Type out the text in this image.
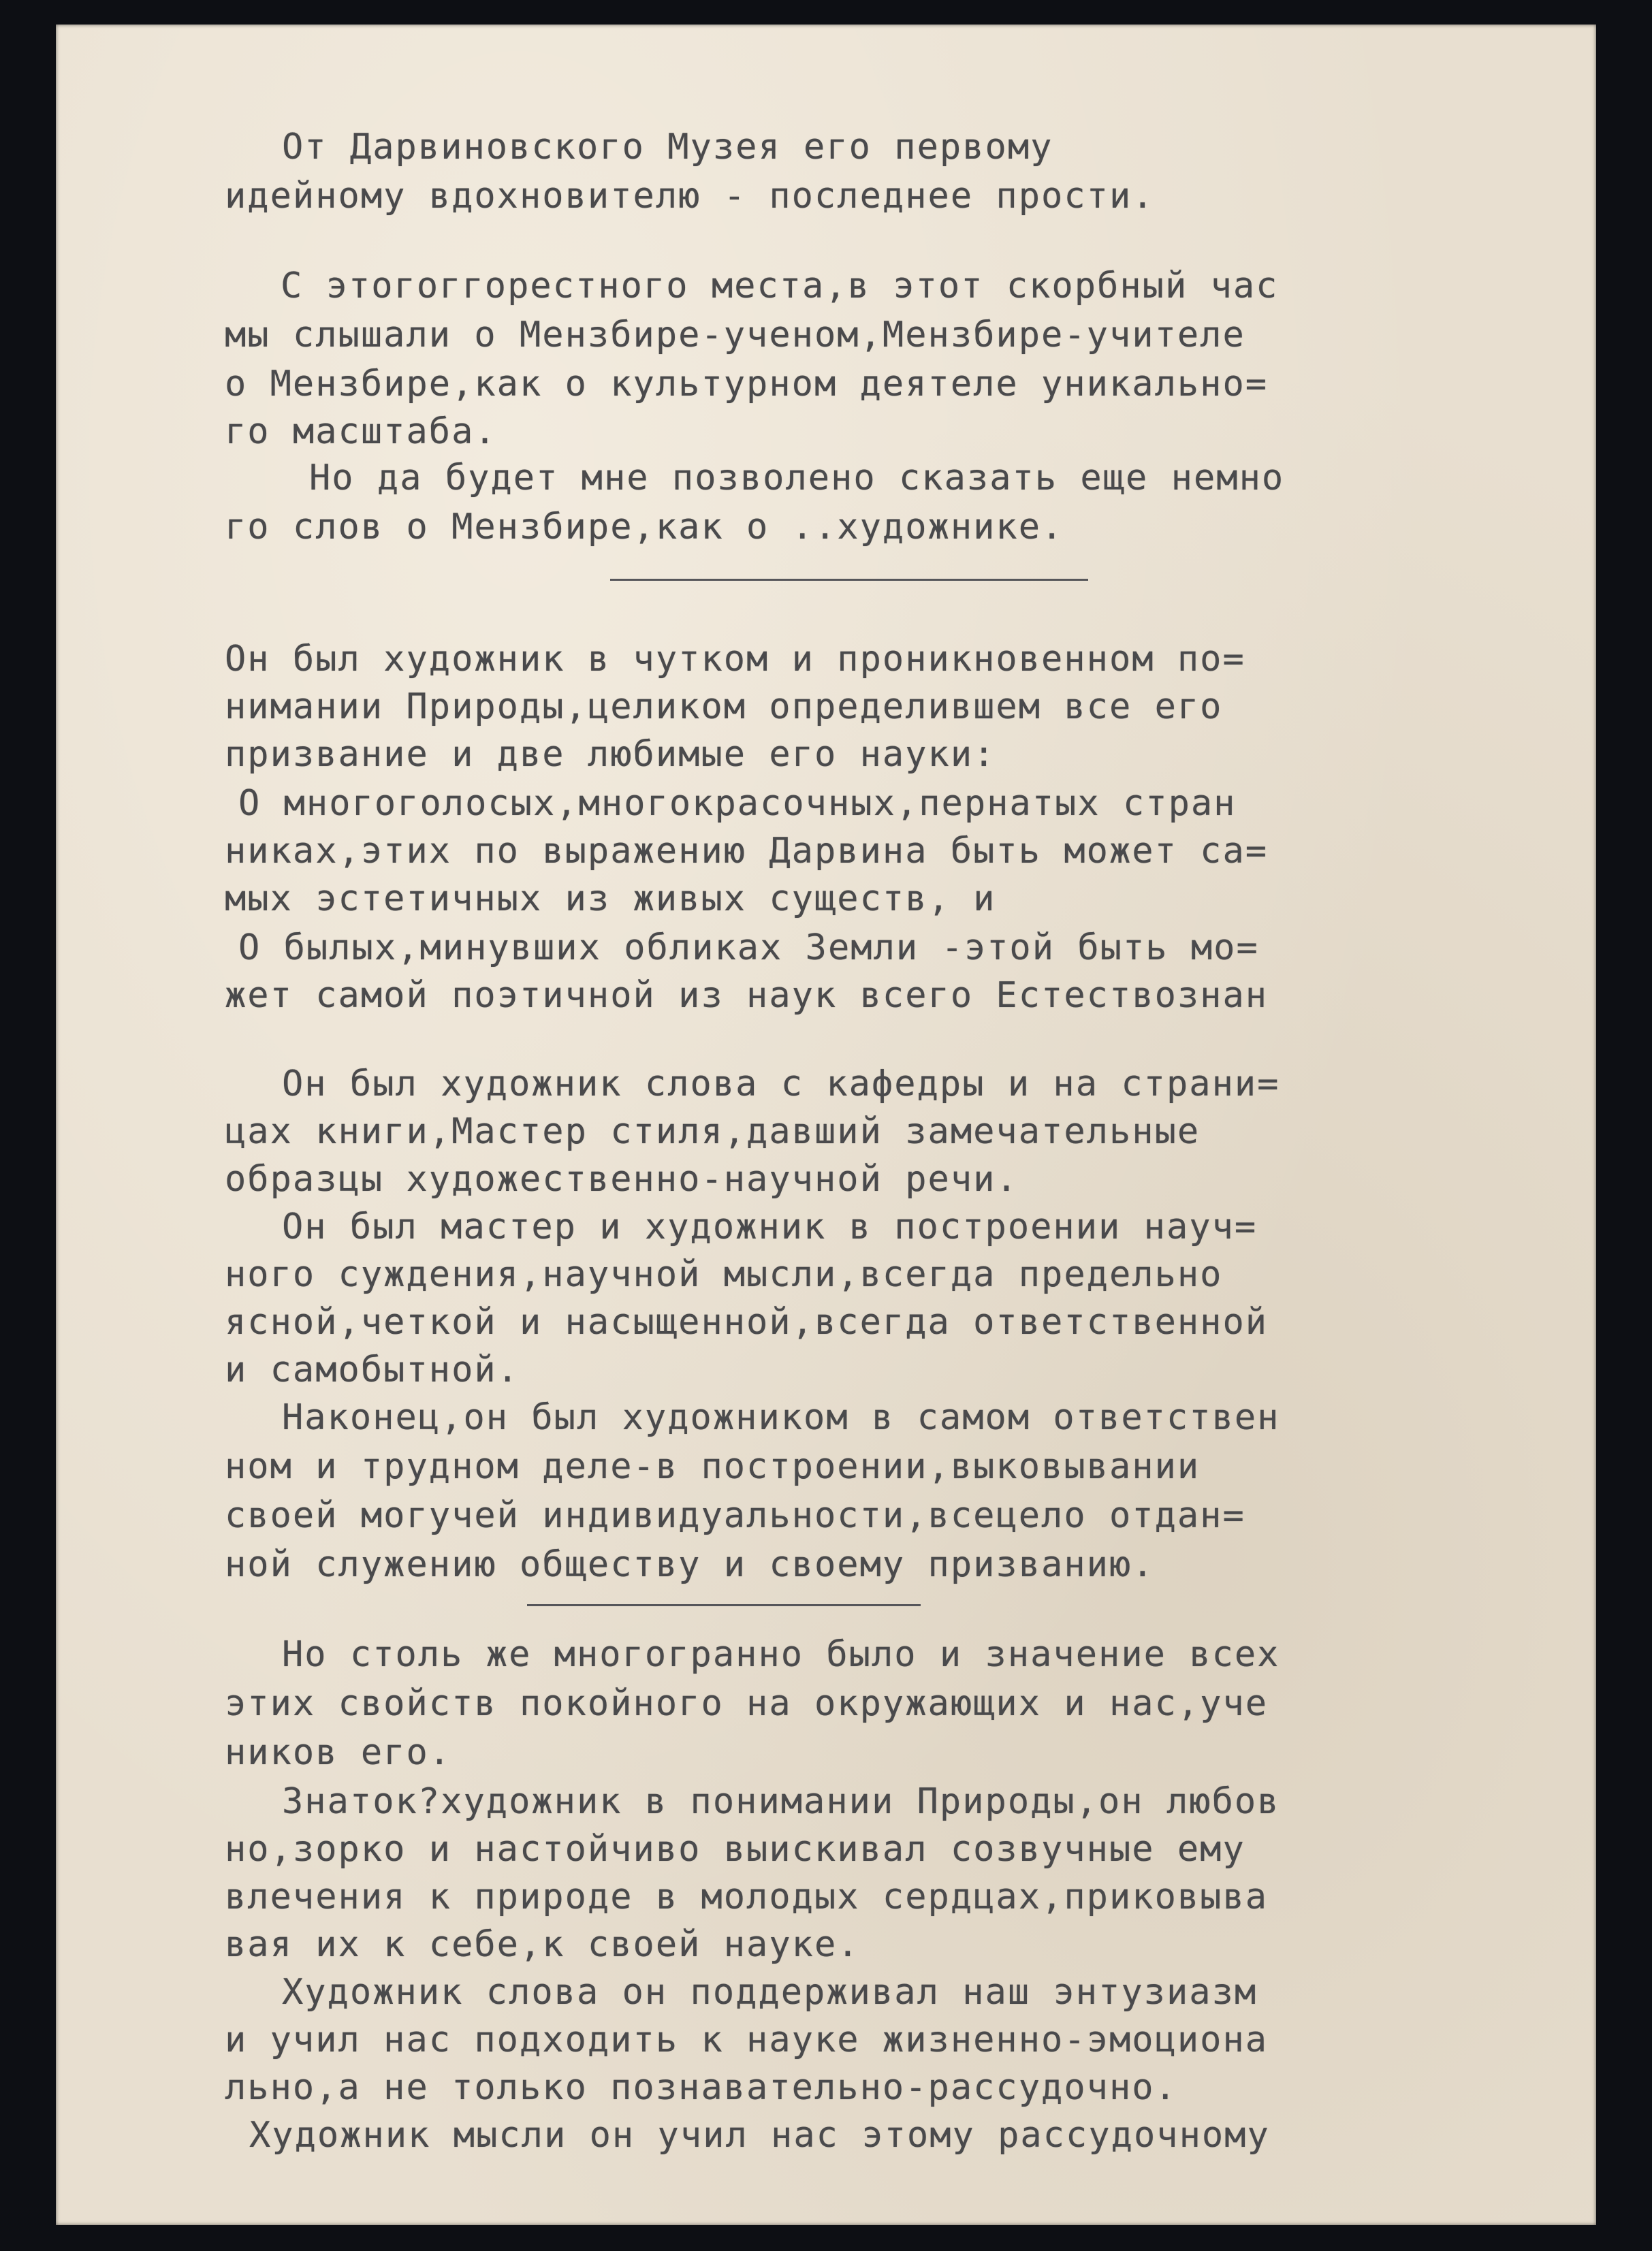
От Дарвиновского Музея его первому
идейному вдохновителю - последнее прости.
С этогоггорестного места,в этот скорбный час
мы слышали о Мензбире-ученом,Мензбире-учителе
о Мензбире,как о культурном деятеле уникально=
го масштаба.
Но да будет мне позволено сказать еще немно
го слов о Мензбире,как о ..художнике.
Он был художник в чутком и проникновенном по=
нимании Природы,целиком определившем все его
призвание и две любимые его науки:
О многоголосых,многокрасочных,пернатых стран
никах,этих по выражению Дарвина быть может са=
мых эстетичных из живых существ, и
О былых,минувших обликах Земли -этой быть мо=
жет самой поэтичной из наук всего Естествознан
Он был художник слова с кафедры и на страни=
цах книги,Мастер стиля,давший замечательные
образцы художественно-научной речи.
Он был мастер и художник в построении науч=
ного суждения,научной мысли,всегда предельно
ясной,четкой и насыщенной,всегда ответственной
и самобытной.
Наконец,он был художником в самом ответствен
ном и трудном деле-в построении,выковывании
своей могучей индивидуальности,всецело отдан=
ной служению обществу и своему призванию.
Но столь же многогранно было и значение всех
этих свойств покойного на окружающих и нас,уче
ников его.
Знаток?художник в понимании Природы,он любов
но,зорко и настойчиво выискивал созвучные ему
влечения к природе в молодых сердцах,приковыва
вая их к себе,к своей науке.
Художник слова он поддерживал наш энтузиазм
и учил нас подходить к науке жизненно-эмоциона
льно,а не только познавательно-рассудочно.
Художник мысли он учил нас этому рассудочному
